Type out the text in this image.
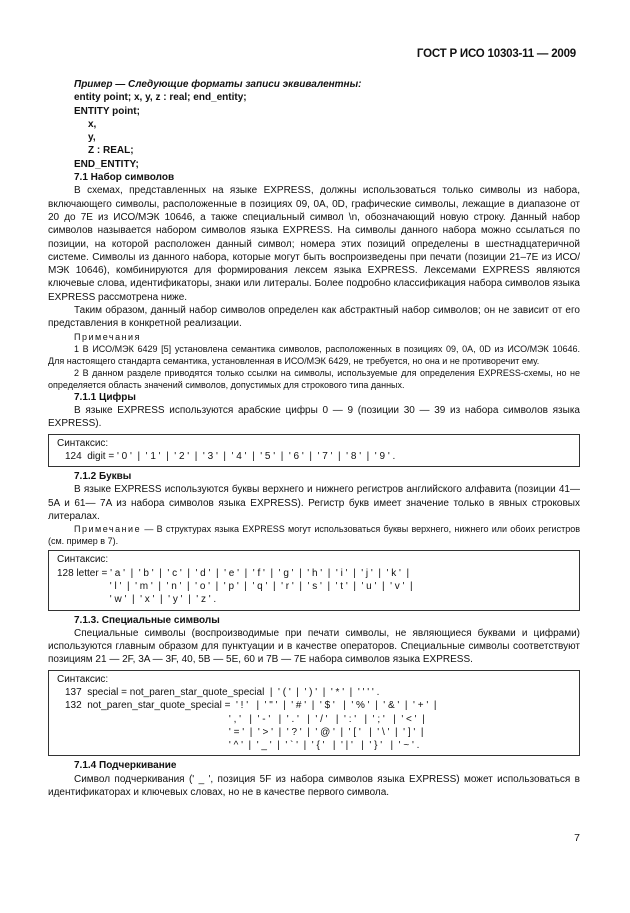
ГОСТ Р ИСО 10303-11 — 2009

Пример — Следующие форматы записи эквивалентны:

entity point; x, y, z : real; end_entity;

ENTITY point;

x,

y,

Z : REAL;

END_ENTITY;

7.1 Набор символов

В схемах, представленных на языке EXPRESS, должны использоваться только символы из набора, включающего символы, расположенные в позициях 09, 0A, 0D, графические символы, лежащие в диапазоне от 20 до 7E из ИСО/МЭК 10646, а также специальный символ \n, обозначающий новую строку. Данный набор символов называется набором символов языка EXPRESS. На символы данного набора можно ссылаться по позиции, на которой расположен данный символ; номера этих позиций определены в шестнадцатеричной системе. Символы из данного набора, которые могут быть воспроизведены при печати (позиции 21–7E из ИСО/МЭК 10646), комбинируются для формирования лексем языка EXPRESS. Лексемами EXPRESS являются ключевые слова, идентификаторы, знаки или литералы. Более подробно классификация набора символов языка EXPRESS рассмотрена ниже.

Таким образом, данный набор символов определен как абстрактный набор символов; он не зависит от его представления в конкретной реализации.

Примечания

1 В ИСО/МЭК 6429 [5] установлена семантика символов, расположенных в позициях 09, 0A, 0D из ИСО/МЭК 10646. Для настоящего стандарта семантика, установленная в ИСО/МЭК 6429, не требуется, но она и не противоречит ему.

2 В данном разделе приводятся только ссылки на символы, используемые для определения EXPRESS-схемы, но не определяется область значений символов, допустимых для строкового типа данных.

7.1.1 Цифры

В языке EXPRESS используются арабские цифры 0 — 9 (позиции 30 — 39 из набора символов языка EXPRESS).

Синтаксис:
124  digit = ' 0 '  |  ' 1 '  |  ' 2 '  |  ' 3 '  |  ' 4 '  |  ' 5 '  |  ' 6 '  |  ' 7 '  |  ' 8 '  |  ' 9 ' .

7.1.2 Буквы

В языке EXPRESS используются буквы верхнего и нижнего регистров английского алфавита (позиции 41— 5A и 61— 7A из набора символов языка EXPRESS). Регистр букв имеет значение только в явных строковых литералах.

Примечание — В структурах языка EXPRESS могут использоваться буквы верхнего, нижнего или обоих регистров (см. пример в 7).

Синтаксис:
128 letter = ' a '  |  ' b '  |  ' c '  |  ' d '  |  ' e '  |  ' f '  |  ' g '  |  ' h '  |  ' i '  |  ' j '  |  ' k '  |
' l '  |  ' m '  |  ' n '  |  ' o '  |  ' p '  |  ' q '  |  ' r '  |  ' s '  |  ' t '  |  ' u '  |  ' v '  |
' w '  |  ' x '  |  ' y '  |  ' z ' .

7.1.3. Специальные символы

Специальные символы (воспроизводимые при печати символы, не являющиеся буквами и цифрами) используются главным образом для пунктуации и в качестве операторов. Специальные символы соответствуют позициям 21 — 2F, 3A — 3F, 40, 5B — 5E, 60 и 7B — 7E набора символов языка EXPRESS.

Синтаксис:
137  special = not_paren_star_quote_special  |  ' ( '  |  ' ) '  |  ' * '  |  ' ' ' ' .
132  not_paren_star_quote_special =  ' ! '   |  ' " '  |  ' # '  |  ' $ '   |  ' % '  |  ' & '  |  ' + '  |
' , '   |  ' - '   |  ' . '   |  ' / '   |  ' : '   |  ' ; '   |  ' < '  |
' = '  |  ' > '  |  ' ? '  |  ' @ '  |  ' [ '   |  ' \ '  |  ' ] '  |
' ^ '  |  ' _ '  |  ' ` '  |  ' { '   |  ' | '   |  ' } '   |  ' ~ ' .

7.1.4 Подчеркивание

Символ подчеркивания (' _ ', позиция 5F из набора символов языка EXPRESS) может использоваться в идентификаторах и ключевых словах, но не в качестве первого символа.

7
